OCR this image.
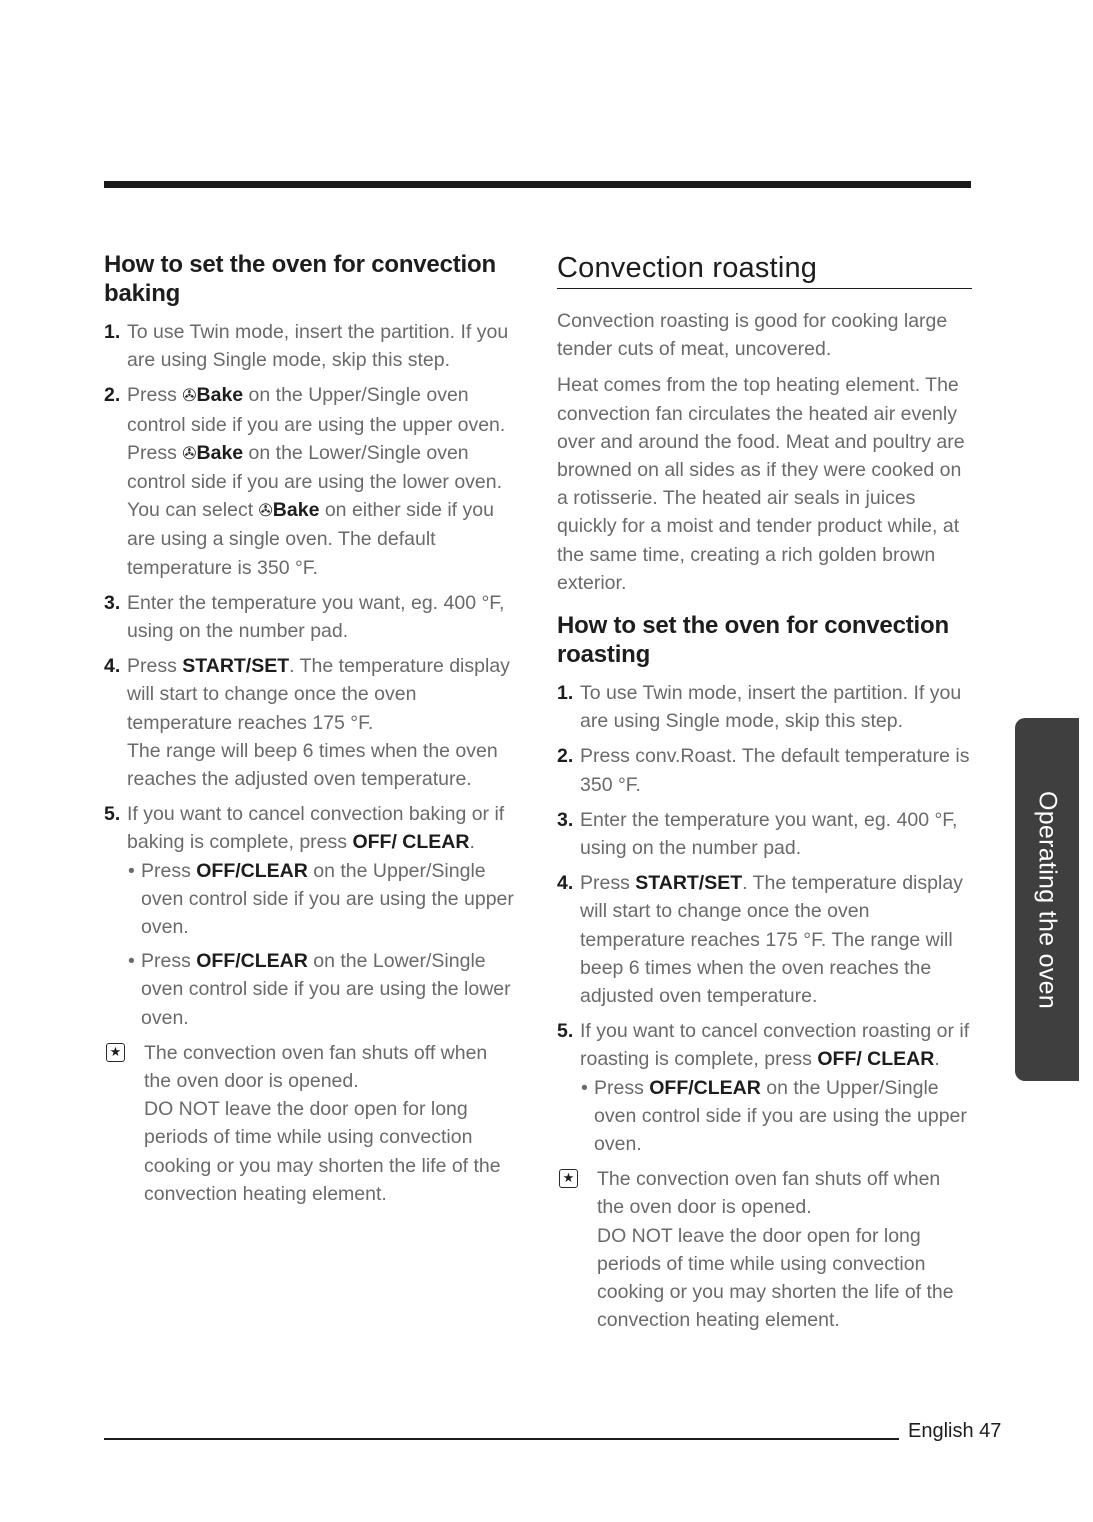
How to set the oven for convection baking
1. To use Twin mode, insert the partition. If you are using Single mode, skip this step.
2. Press ✇Bake on the Upper/Single oven control side if you are using the upper oven. Press ✇Bake on the Lower/Single oven control side if you are using the lower oven. You can select ✇Bake on either side if you are using a single oven. The default temperature is 350 °F.
3. Enter the temperature you want, eg. 400 °F, using on the number pad.
4. Press START/SET. The temperature display will start to change once the oven temperature reaches 175 °F.
The range will beep 6 times when the oven reaches the adjusted oven temperature.
5. If you want to cancel convection baking or if baking is complete, press OFF/ CLEAR.
• Press OFF/CLEAR on the Upper/Single oven control side if you are using the upper oven.
• Press OFF/CLEAR on the Lower/Single oven control side if you are using the lower oven.
★ The convection oven fan shuts off when the oven door is opened.
DO NOT leave the door open for long periods of time while using convection cooking or you may shorten the life of the convection heating element.
Convection roasting

Convection roasting is good for cooking large tender cuts of meat, uncovered.

Heat comes from the top heating element. The convection fan circulates the heated air evenly over and around the food. Meat and poultry are browned on all sides as if they were cooked on a rotisserie. The heated air seals in juices quickly for a moist and tender product while, at the same time, creating a rich golden brown exterior.

How to set the oven for convection roasting
1. To use Twin mode, insert the partition. If you are using Single mode, skip this step.
2. Press conv.Roast. The default temperature is 350 °F.
3. Enter the temperature you want, eg. 400 °F, using on the number pad.
4. Press START/SET. The temperature display will start to change once the oven temperature reaches 175 °F. The range will beep 6 times when the oven reaches the adjusted oven temperature.
5. If you want to cancel convection roasting or if roasting is complete, press OFF/ CLEAR.
• Press OFF/CLEAR on the Upper/Single oven control side if you are using the upper oven.
★ The convection oven fan shuts off when the oven door is opened.
DO NOT leave the door open for long periods of time while using convection cooking or you may shorten the life of the convection heating element.
Operating the oven
English 47
